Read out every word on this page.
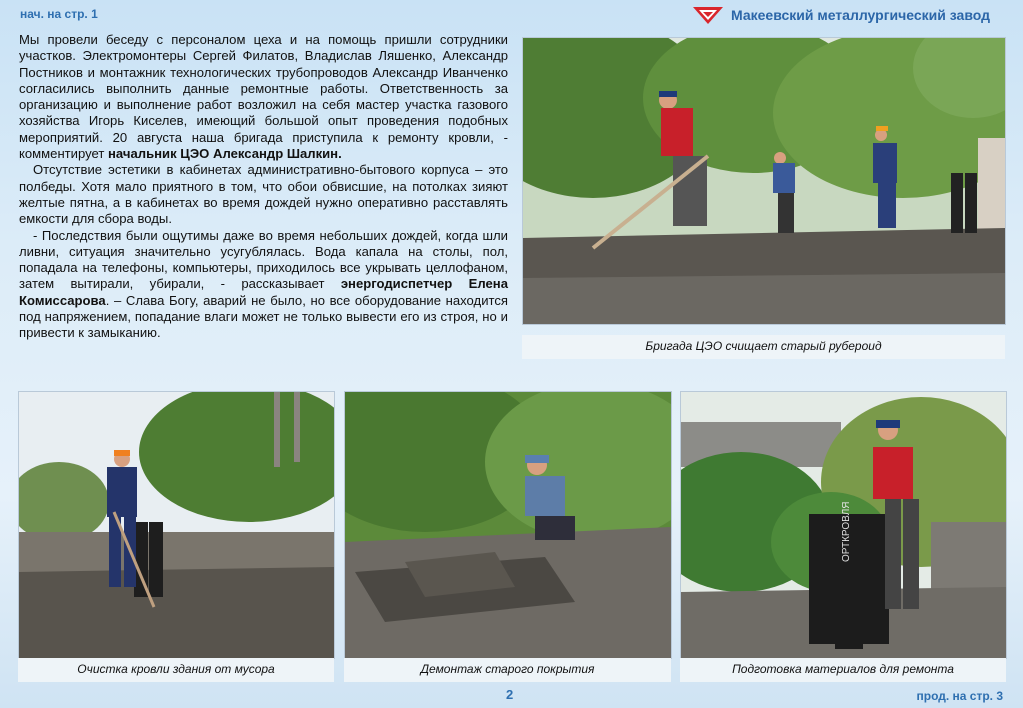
нач. на стр. 1	Макеевский металлургический завод

Мы провели беседу с персоналом цеха и на помощь пришли сотрудники участков. Электромонтеры Сергей Филатов, Владислав Ляшенко, Александр Постников и монтажник технологических трубопроводов Александр Иванченко согласились выполнить данные ремонтные работы. Ответственность за организацию и выполнение работ возложил на себя мастер участка газового хозяйства Игорь Киселев, имеющий большой опыт проведения подобных мероприятий. 20 августа наша бригада приступила к ремонту кровли, - комментирует начальник ЦЭО Александр Шалкин.

Отсутствие эстетики в кабинетах административно-бытового корпуса – это полбеды. Хотя мало приятного в том, что обои обвисшие, на потолках зияют желтые пятна, а в кабинетах во время дождей нужно оперативно расставлять емкости для сбора воды.

- Последствия были ощутимы даже во время небольших дождей, когда шли ливни, ситуация значительно усугублялась. Вода капала на столы, пол, попадала на телефоны, компьютеры, приходилось все укрывать целлофаном, затем вытирали, убирали, - рассказывает энергодиспетчер Елена Комиссарова. – Слава Богу, аварий не было, но все оборудование находится под напряжением, попадание влаги может не только вывести его из строя, но и привести к замыканию.

Бригада ЦЭО счищает старый рубероид
Очистка кровли здания от мусора	Демонтаж старого покрытия
ОРТКРОВЛЯ
Подготовка материалов для ремонта
2	прод. на стр. 3
